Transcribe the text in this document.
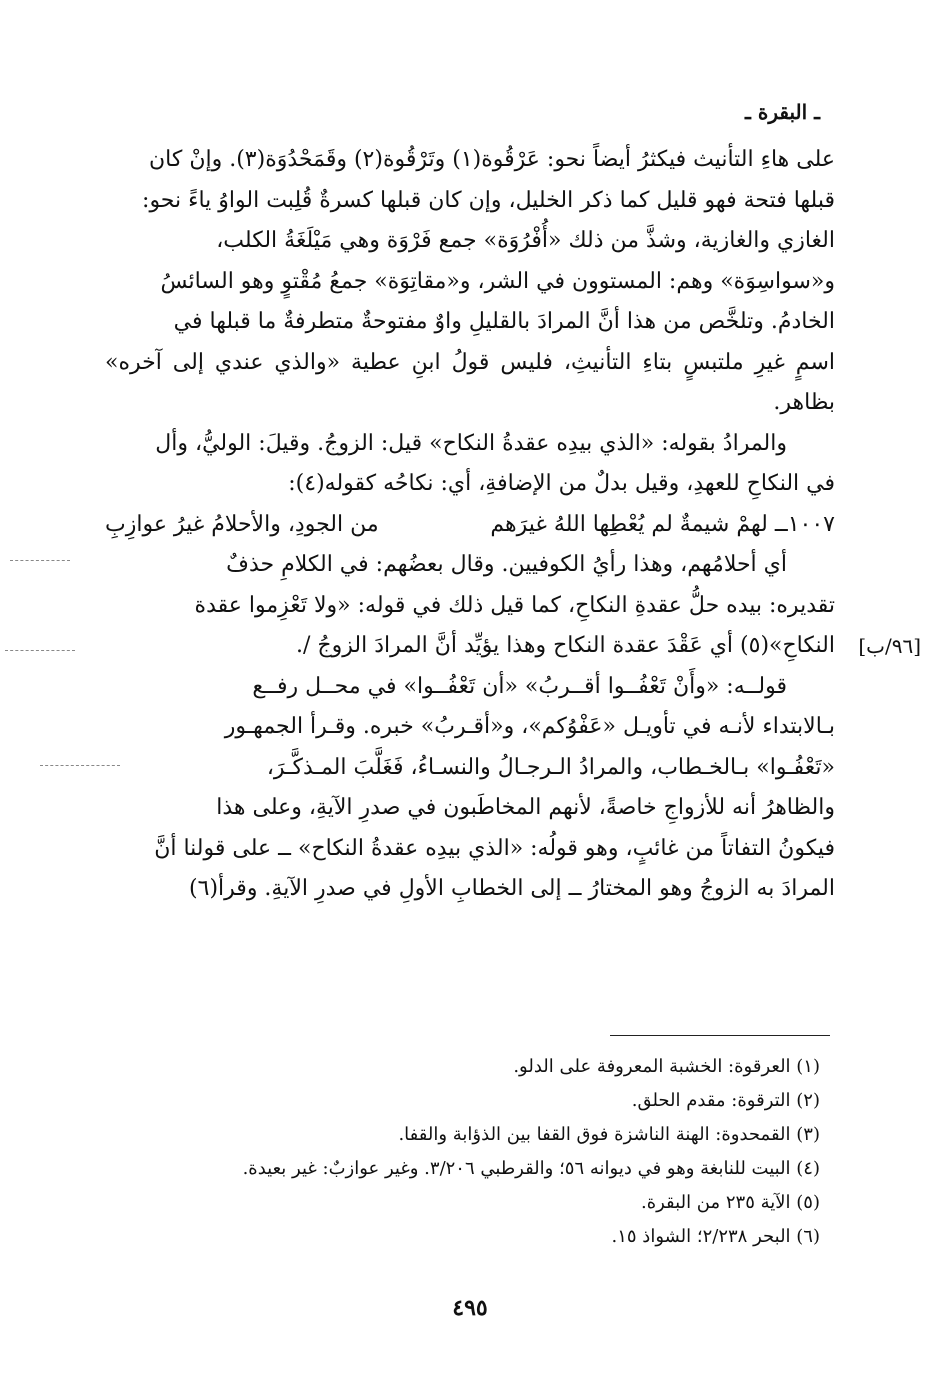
ـ البقرة ـ

على هاءِ التأنيث فيكثرُ أيضاً نحو: عَرْقُوة(١) وتَرْقُوة(٢) وقَمَحْدُوَة(٣). وإنْ كان

قبلها فتحة فهو قليل كما ذكر الخليل، وإن كان قبلها كسرةٌ قُلِبت الواوُ ياءً نحو:

الغازي والغازية، وشذَّ من ذلك «أُفْرُوَة» جمع فَرْوَة وهي مَيْلَغَةُ الكلب،

و«سواسِوَة» وهم: المستوون في الشر، و«مقاتِوَة» جمعُ مُقْتوٍ وهو السائسُ

الخادمُ. وتلخَّص من هذا أنَّ المرادَ بالقليلِ واوٌ مفتوحةٌ متطرفةٌ ما قبلها في

اسمٍ غيرِ ملتبسٍ بتاءِ التأنيثِ، فليس قولُ ابنِ عطية «والذي عندي إلى آخره» بظاهر.

والمرادُ بقوله: «الذي بيدِه عقدةُ النكاح» قيل: الزوجُ. وقيلَ: الوليُّ، وأل

في النكاحِ للعهدِ، وقيل بدلٌ من الإضافةِ، أي: نكاحُه كقوله(٤):

١٠٠٧ــ لهمْ شيمةٌ لم يُعْطِها اللهُ غيرَهم
من الجودِ، والأحلامُ غيرُ عوازِبِ

أي أحلامُهم، وهذا رأيُ الكوفيين. وقال بعضُهم: في الكلامِ حذفٌ

تقديره: بيده حلُّ عقدةِ النكاحِ، كما قيل ذلك في قوله: «ولا تَعْزِموا عقدة

[٩٦/ب]
النكاحِ»(٥) أي عَقْدَ عقدة النكاح وهذا يؤيِّد أنَّ المرادَ الزوجُ /.

قولــه: «وأَنْ تَعْفُــوا أقــربُ» «أن تَعْفُــوا» في محــل رفــع

بـالابتداء لأنـه في تأويـل «عَفْوُكم»، و«أقـربُ» خبره. وقـرأ الجمهـور

«تَعْفُـوا» بـالخـطاب، والمرادُ الـرجـالُ والنسـاءُ، فَغَلَّبَ المـذكَّـرَ،

والظاهرُ أنه للأزواجِ خاصةً، لأنهم المخاطَبون في صدرِ الآيةِ، وعلى هذا

فيكونُ التفاتاً من غائبٍ، وهو قولُه: «الذي بيدِه عقدةُ النكاح» ــ على قولنا أنَّ

المرادَ به الزوجُ وهو المختارُ ــ إلى الخطابِ الأولِ في صدرِ الآيةِ. وقرأ(٦)

(١) العرقوة: الخشبة المعروفة على الدلو.
(٢) الترقوة: مقدم الحلق.
(٣) القمحدوة: الهنة الناشزة فوق القفا بين الذؤابة والقفا.
(٤) البيت للنابغة وهو في ديوانه ٥٦؛ والقرطبي ٣/٢٠٦. وغير عوازبٌ: غير بعيدة.
(٥) الآية ٢٣٥ من البقرة.
(٦) البحر ٢/٢٣٨؛ الشواذ ١٥.
٤٩٥
